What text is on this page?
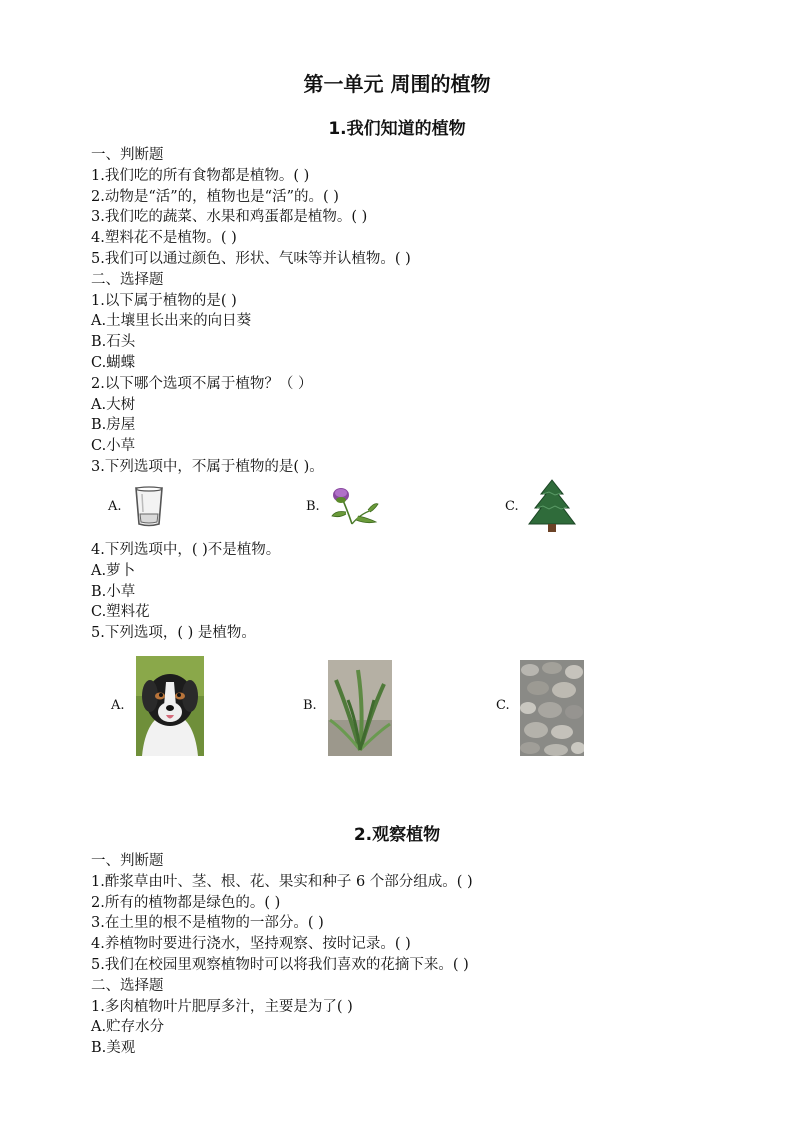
第一单元 周围的植物
1.我们知道的植物
一、判断题
1.我们吃的所有食物都是植物。( )
2.动物是“活”的，植物也是“活”的。( )
3.我们吃的蔬菜、水果和鸡蛋都是植物。( )
4.塑料花不是植物。( )
5.我们可以通过颜色、形状、气味等并认植物。( )
二、选择题
1.以下属于植物的是( )
A.土壤里长出来的向日葵
B.石头
C.蝴蝶
2.以下哪个选项不属于植物？（ ）
A.大树
B.房屋
C.小草
3.下列选项中，不属于植物的是( )。
A.	B.	C.
4.下列选项中，( )不是植物。
A.萝卜
B.小草
C.塑料花
5.下列选项，( ) 是植物。
A.	B.	C.
2.观察植物
一、判断题
1.酢浆草由叶、茎、根、花、果实和种子 6 个部分组成。( )
2.所有的植物都是绿色的。( )
3.在土里的根不是植物的一部分。( )
4.养植物时要进行浇水，坚持观察、按时记录。( )
5.我们在校园里观察植物时可以将我们喜欢的花摘下来。( )
二、选择题
1.多肉植物叶片肥厚多汁，主要是为了( )
A.贮存水分
B.美观
